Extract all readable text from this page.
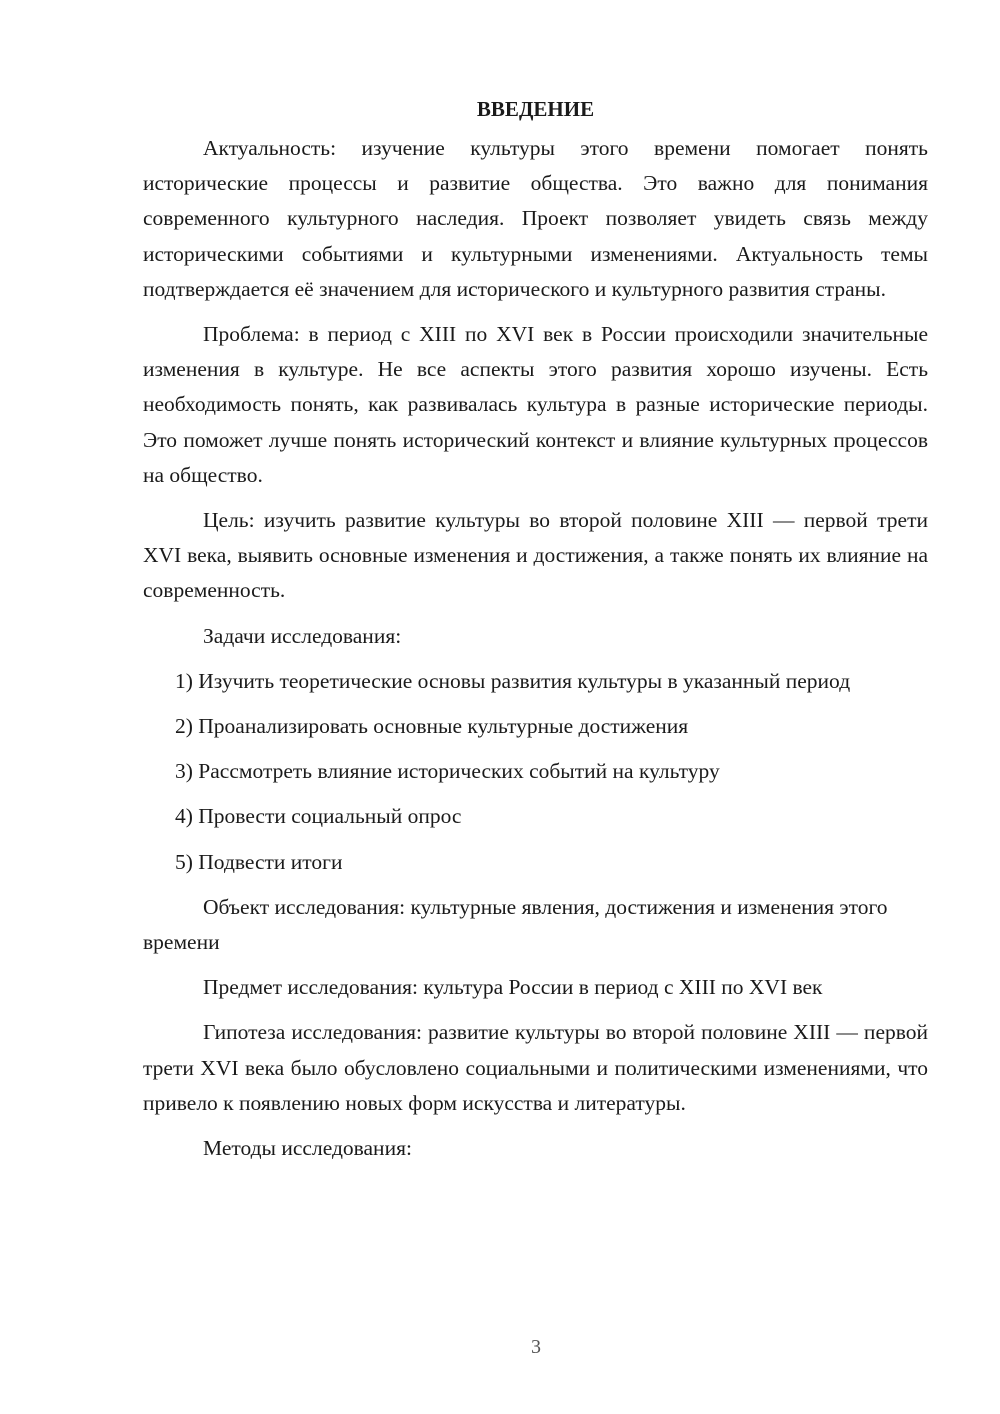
ВВЕДЕНИЕ

Актуальность: изучение культуры этого времени помогает понять исторические процессы и развитие общества. Это важно для понимания современного культурного наследия. Проект позволяет увидеть связь между историческими событиями и культурными изменениями. Актуальность темы подтверждается её значением для исторического и культурного развития страны.

Проблема: в период с XIII по XVI век в России происходили значительные изменения в культуре. Не все аспекты этого развития хорошо изучены. Есть необходимость понять, как развивалась культура в разные исторические периоды. Это поможет лучше понять исторический контекст и влияние культурных процессов на общество.

Цель: изучить развитие культуры во второй половине XIII — первой трети XVI века, выявить основные изменения и достижения, а также понять их влияние на современность.

Задачи исследования:

1) Изучить теоретические основы развития культуры в указанный период

2) Проанализировать основные культурные достижения

3) Рассмотреть влияние исторических событий на культуру

4) Провести социальный опрос

5) Подвести итоги

Объект исследования: культурные явления, достижения и изменения этого времени

Предмет исследования: культура России в период с XIII по XVI век

Гипотеза исследования: развитие культуры во второй половине XIII — первой трети XVI века было обусловлено социальными и политическими изменениями, что привело к появлению новых форм искусства и литературы.

Методы исследования:

3
